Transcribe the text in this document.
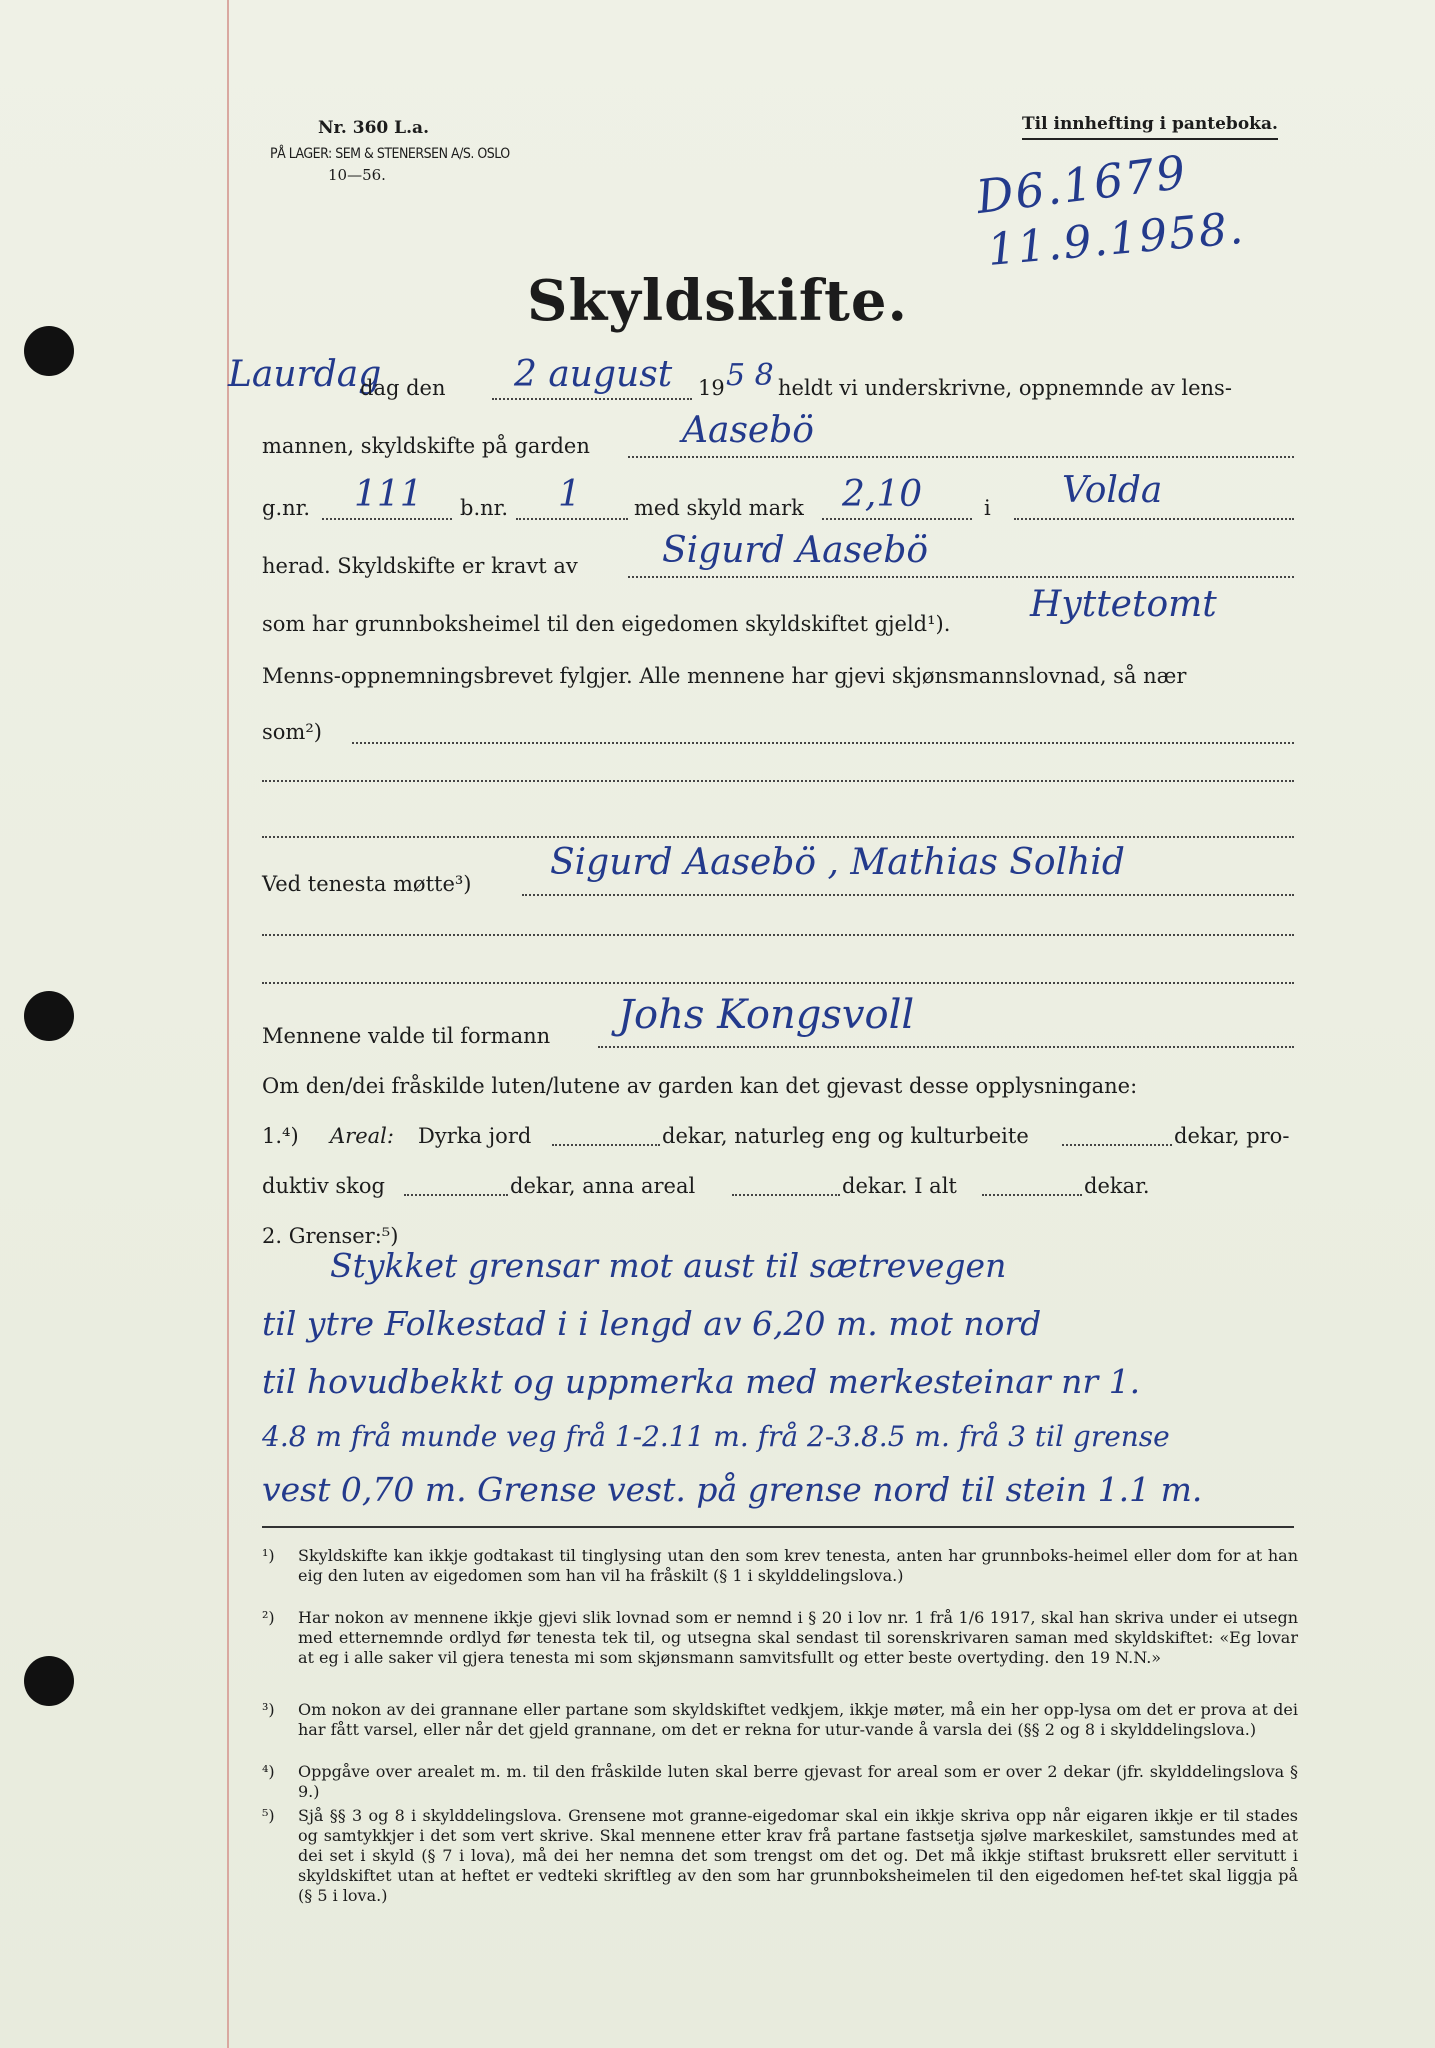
Nr. 360 L.a.
PÅ LAGER: SEM & STENERSEN A/S. OSLO
10—56.
Til innhefting i panteboka.
D6.1679
11.9.1958.
Skyldskifte.
Laurdag
dag den 2 august 19 5 8 heldt vi underskrivne, oppnemnde av lens-
mannen, skyldskifte på garden	Aasebö
g.nr. 111 b.nr. 1	med skyld mark 2,10	i Volda
herad. Skyldskifte er kravt av Sigurd Aasebö
som har grunnboksheimel til den eigedomen skyldskiftet gjeld¹). Hyttetomt
Menns-oppnemningsbrevet fylgjer. Alle mennene har gjevi skjønsmannslovnad, så nær
som²)
Ved tenesta møtte³)
Sigurd Aasebö , Mathias Solhid
Mennene valde til formann Johs Kongsvoll
Om den/dei fråskilde luten/lutene av garden kan det gjevast desse opplysningane:
1.⁴) Areal: Dyrka jord	dekar, naturleg eng og kulturbeite	dekar, pro-
duktiv skog	dekar, anna areal	dekar. I alt	dekar.
2. Grenser:⁵)
Stykket grensar mot aust til sætrevegen
til ytre Folkestad i i lengd av 6,20 m. mot nord
til hovudbekkt og uppmerka med merkesteinar nr 1.
4.8 m frå munde veg frå 1-2.11 m. frå 2-3.8.5 m. frå 3 til grense
vest 0,70 m. Grense vest. på grense nord til stein 1.1 m.
¹) Skyldskifte kan ikkje godtakast til tinglysing utan den som krev tenesta, anten har grunnboks-heimel eller dom for at han eig den luten av eigedomen som han vil ha fråskilt (§ 1 i skylddelingslova.)
²) Har nokon av mennene ikkje gjevi slik lovnad som er nemnd i § 20 i lov nr. 1 frå 1/6 1917, skal han skriva under ei utsegn med etternemnde ordlyd før tenesta tek til, og utsegna skal sendast til sorenskrivaren saman med skyldskiftet: «Eg lovar at eg i alle saker vil gjera tenesta mi som skjønsmann samvitsfullt og etter beste overtyding. den 19 N.N.»
³) Om nokon av dei grannane eller partane som skyldskiftet vedkjem, ikkje møter, må ein her opp-lysa om det er prova at dei har fått varsel, eller når det gjeld grannane, om det er rekna for utur-vande å varsla dei (§§ 2 og 8 i skylddelingslova.)
⁴) Oppgåve over arealet m. m. til den fråskilde luten skal berre gjevast for areal som er over 2 dekar (jfr. skylddelingslova § 9.)
⁵) Sjå §§ 3 og 8 i skylddelingslova. Grensene mot granne-eigedomar skal ein ikkje skriva opp når eigaren ikkje er til stades og samtykkjer i det som vert skrive. Skal mennene etter krav frå partane fastsetja sjølve markeskilet, samstundes med at dei set i skyld (§ 7 i lova), må dei her nemna det som trengst om det og. Det må ikkje stiftast bruksrett eller servitutt i skyldskiftet utan at heftet er vedteki skriftleg av den som har grunnboksheimelen til den eigedomen hef-tet skal liggja på (§ 5 i lova.)
